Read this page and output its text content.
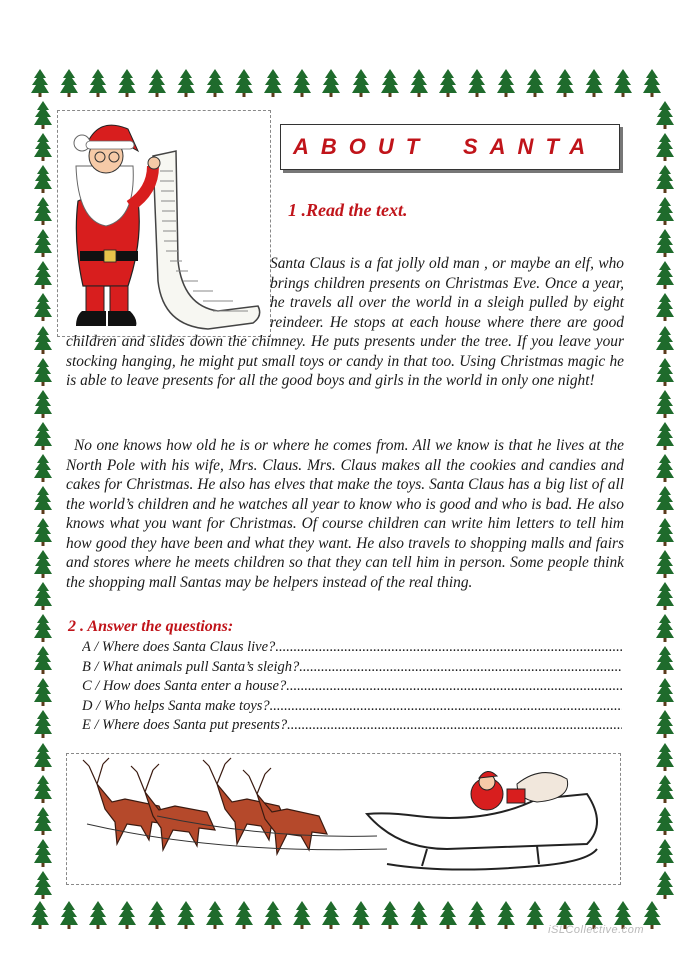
ABOUT SANTA
1 .Read the text.
Santa Claus is a fat jolly old man , or maybe an elf, who brings children presents on Christmas Eve. Once a year, he travels all over the world in a sleigh pulled by eight reindeer. He stops at each house where there are good children and slides down the chimney. He puts presents under the tree. If you leave your stocking hanging, he might put small toys or candy in that too. Using Christmas magic he is able to leave presents for all the good boys and girls in the world in only one night!
No one knows how old he is or where he comes from. All we know is that he lives at the North Pole with his wife, Mrs. Claus. Mrs. Claus makes all the cookies and candies and cakes for Christmas. He also has elves that make the toys. Santa Claus has a big list of all the world’s children and he watches all year to know who is good and who is bad. He also knows what you want for Christmas. Of course children can write him letters to tell him how good they have been and what they want. He also travels to shopping malls and fairs and stores where he meets children so that they can tell him in person. Some people think the shopping mall Santas may be helpers instead of the real thing.
2 . Answer the questions:
A / Where does Santa Claus live?
.....
B / What animals pull Santa’s sleigh?
.....
C / How does Santa enter a house?
.....
D / Who helps Santa make toys?
.....
E / Where does Santa put presents?
.....
iSLCollective.com
